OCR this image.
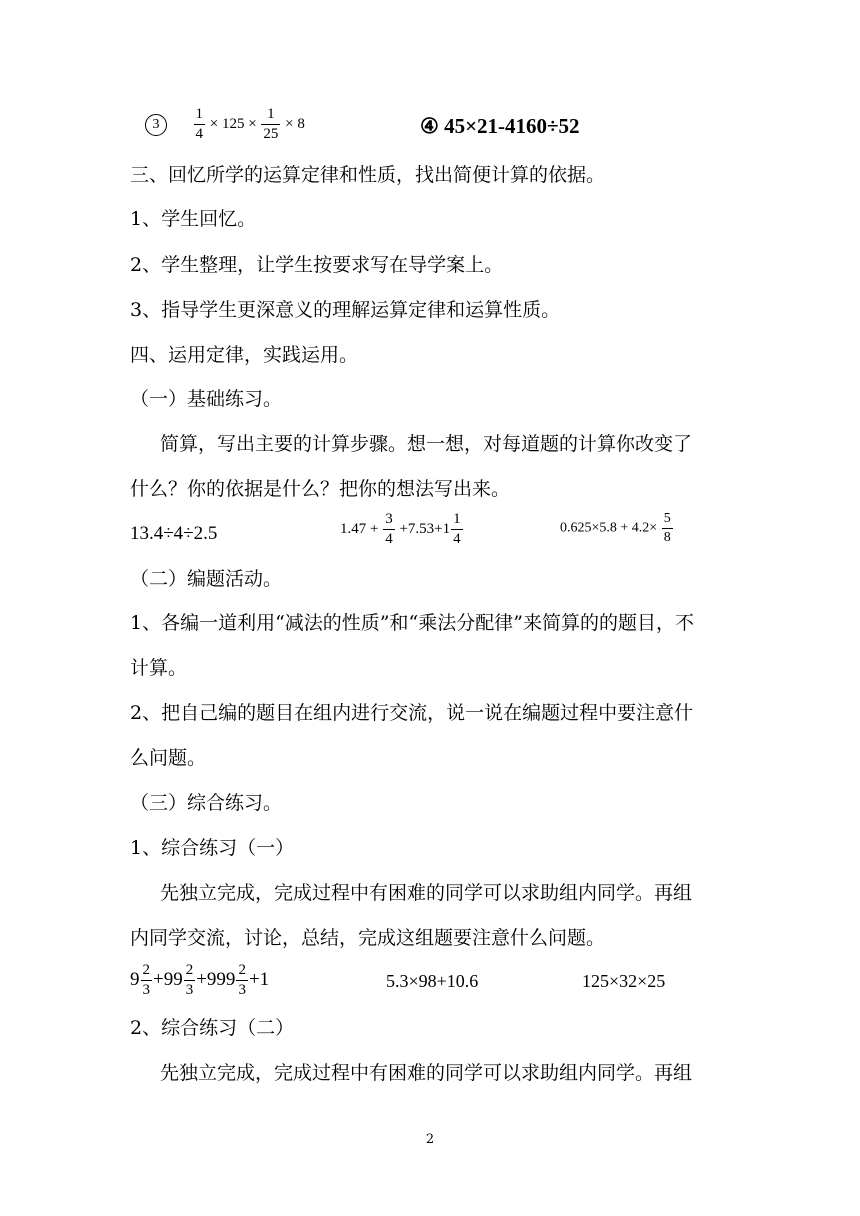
$3 \frac{1}{4} \times 125 \times \frac{1}{25} \times 8$	④ 45×21-4160÷52
三、回忆所学的运算定律和性质，找出简便计算的依据。
1、学生回忆。
2、学生整理，让学生按要求写在导学案上。
3、指导学生更深意义的理解运算定律和运算性质。
四、运用定律，实践运用。
（一）基础练习。
简算，写出主要的计算步骤。想一想，对每道题的计算你改变了
什么？你的依据是什么？把你的想法写出来。
13.4÷4÷2.5	$1.47 + \frac{3}{4} +7.53+1 \frac{1}{4}$	$0.625\times 5.8 + 4.2\times \frac{5}{8}$
（二）编题活动。
1、各编一道利用“减法的性质”和“乘法分配律”来简算的的题目，不
计算。
2、把自己编的题目在组内进行交流，说一说在编题过程中要注意什
么问题。
（三）综合练习。
1、综合练习（一）
先独立完成，完成过程中有困难的同学可以求助组内同学。再组
内同学交流，讨论，总结，完成这组题要注意什么问题。
$9 \frac{2}{3} +99 \frac{2}{3} +999 \frac{2}{3} +1$	5.3×98+10.6	125×32×25
2、综合练习（二）
先独立完成，完成过程中有困难的同学可以求助组内同学。再组
2
